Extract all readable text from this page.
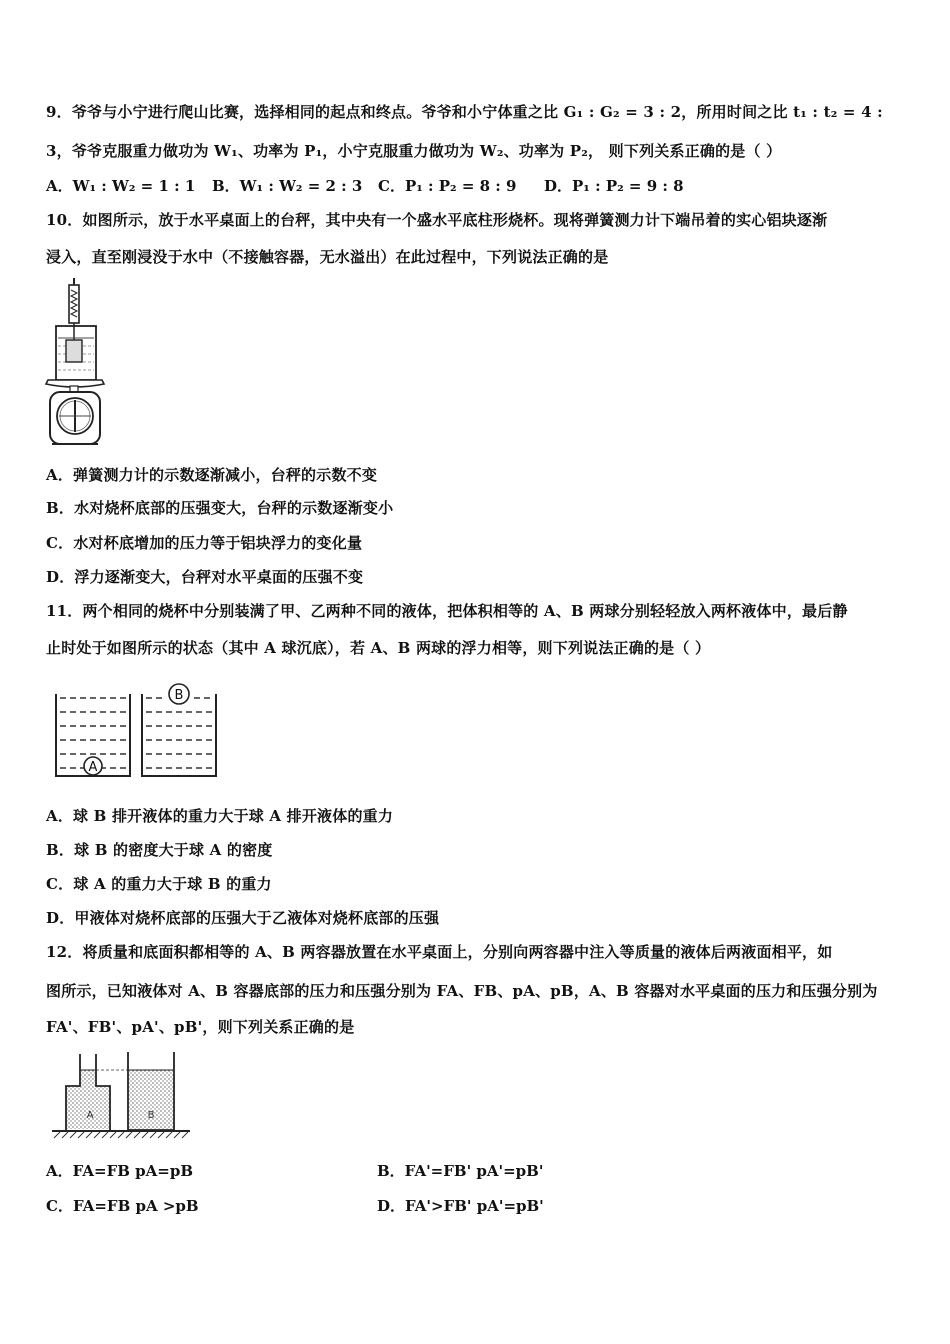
9．爷爷与小宁进行爬山比赛，选择相同的起点和终点。爷爷和小宁体重之比 G₁ : G₂ = 3 : 2，所用时间之比 t₁ : t₂ = 4 :
3，爷爷克服重力做功为 W₁、功率为 P₁，小宁克服重力做功为 W₂、功率为 P₂， 则下列关系正确的是（ ）
A．W₁ : W₂ = 1 : 1 B．W₁ : W₂ = 2 : 3 C．P₁ : P₂ = 8 : 9 D．P₁ : P₂ = 9 : 8
10．如图所示，放于水平桌面上的台秤，其中央有一个盛水平底柱形烧杯。现将弹簧测力计下端吊着的实心铝块逐渐
浸入，直至刚浸没于水中（不接触容器，无水溢出）在此过程中，下列说法正确的是
A．弹簧测力计的示数逐渐减小，台秤的示数不变
B．水对烧杯底部的压强变大，台秤的示数逐渐变小
C．水对杯底增加的压力等于铝块浮力的变化量
D．浮力逐渐变大，台秤对水平桌面的压强不变
11．两个相同的烧杯中分别装满了甲、乙两种不同的液体，把体积相等的 A、B 两球分别轻轻放入两杯液体中，最后静
止时处于如图所示的状态（其中 A 球沉底），若 A、B 两球的浮力相等，则下列说法正确的是（ ）
A
B
A．球 B 排开液体的重力大于球 A 排开液体的重力
B．球 B 的密度大于球 A 的密度
C．球 A 的重力大于球 B 的重力
D．甲液体对烧杯底部的压强大于乙液体对烧杯底部的压强
12．将质量和底面积都相等的 A、B 两容器放置在水平桌面上，分别向两容器中注入等质量的液体后两液面相平，如
图所示，已知液体对 A、B 容器底部的压力和压强分别为 FA、FB、pA、pB，A、B 容器对水平桌面的压力和压强分别为
FA'、FB'、pA'、pB'，则下列关系正确的是
A	B
A．FA=FB pA=pB	B．FA'=FB' pA'=pB'
C．FA=FB pA >pB	D．FA'>FB' pA'=pB'
